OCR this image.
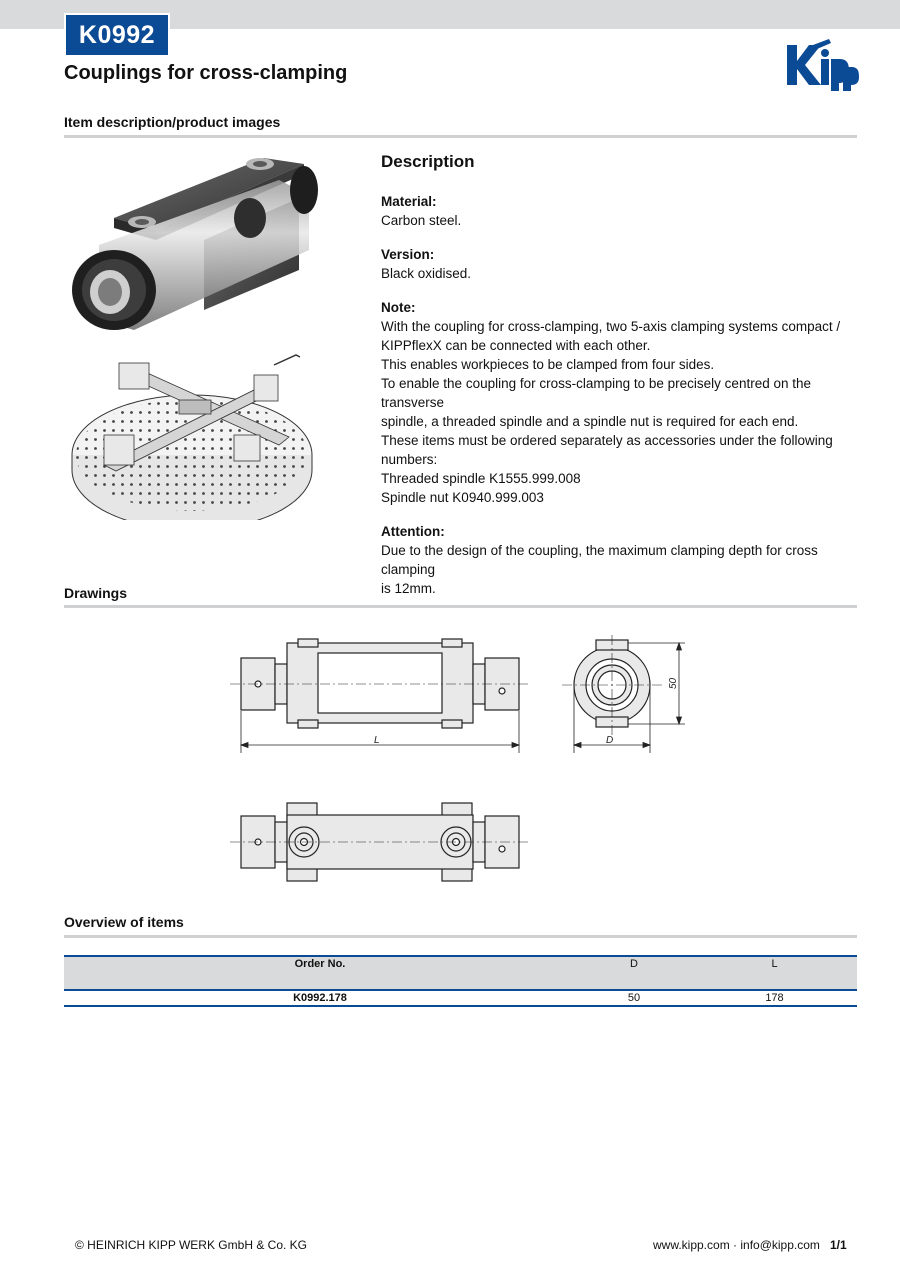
K0992
Couplings for cross-clamping
Item description/product images
Description
Material:
Carbon steel.
Version:
Black oxidised.
Note:
With the coupling for cross-clamping, two 5-axis clamping systems compact /
KIPPflexX can be connected with each other.
This enables workpieces to be clamped from four sides.
To enable the coupling for cross-clamping to be precisely centred on the transverse
spindle, a threaded spindle and a spindle nut is required for each end.
These items must be ordered separately as accessories under the following
numbers:
Threaded spindle K1555.999.008
Spindle nut K0940.999.003
Attention:
Due to the design of the coupling, the maximum clamping depth for cross clamping
is 12mm.
Drawings
L
50
D
Overview of items
Order No.	D	L
K0992.178	50	178
© HEINRICH KIPP WERK GmbH & Co. KG	www.kipp.com · info@kipp.com 1/1
